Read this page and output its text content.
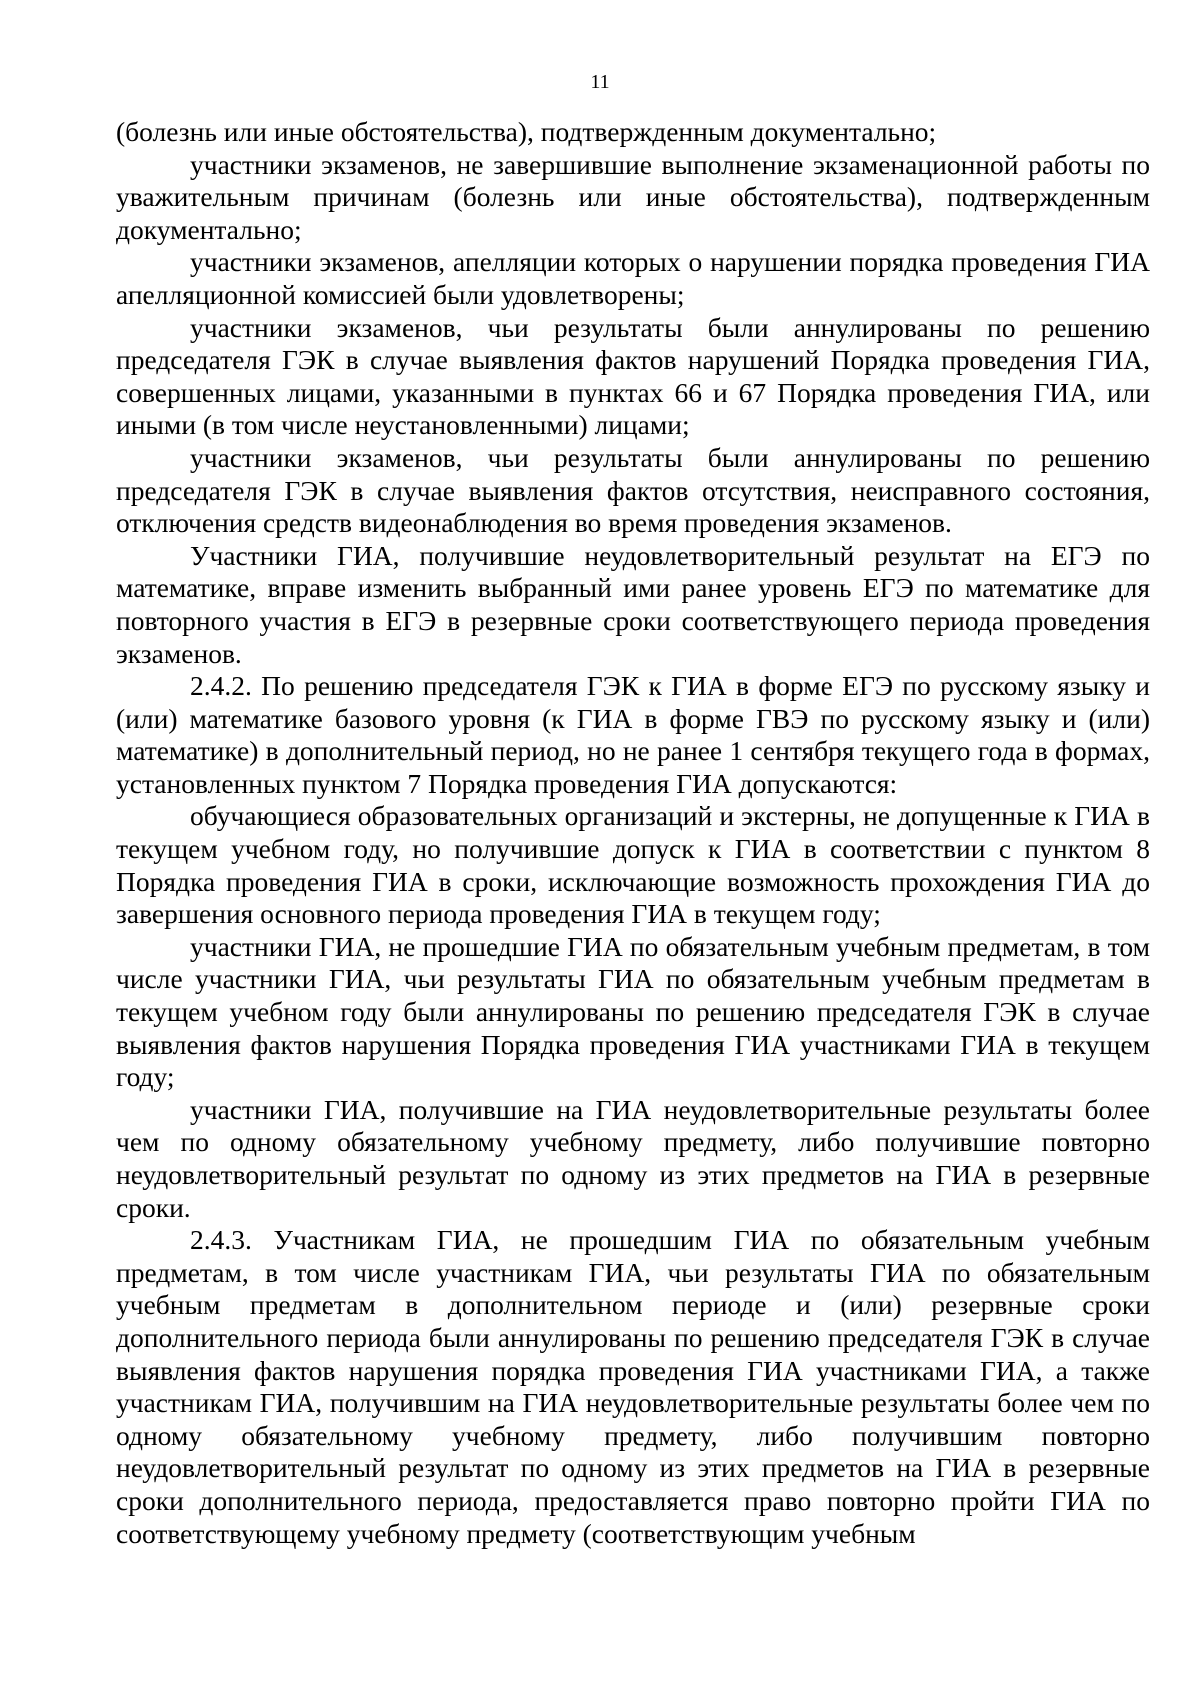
11

(болезнь или иные обстоятельства), подтвержденным документально;

участники экзаменов, не завершившие выполнение экзаменационной работы по уважительным причинам (болезнь или иные обстоятельства), подтвержденным документально;

участники экзаменов, апелляции которых о нарушении порядка проведения ГИА апелляционной комиссией были удовлетворены;

участники экзаменов, чьи результаты были аннулированы по решению председателя ГЭК в случае выявления фактов нарушений Порядка проведения ГИА, совершенных лицами, указанными в пунктах 66 и 67 Порядка проведения ГИА, или иными (в том числе неустановленными) лицами;

участники экзаменов, чьи результаты были аннулированы по решению председателя ГЭК в случае выявления фактов отсутствия, неисправного состояния, отключения средств видеонаблюдения во время проведения экзаменов.

Участники ГИА, получившие неудовлетворительный результат на ЕГЭ по математике, вправе изменить выбранный ими ранее уровень ЕГЭ по математике для повторного участия в ЕГЭ в резервные сроки соответствующего периода проведения экзаменов.

2.4.2. По решению председателя ГЭК к ГИА в форме ЕГЭ по русскому языку и (или) математике базового уровня (к ГИА в форме ГВЭ по русскому языку и (или) математике) в дополнительный период, но не ранее 1 сентября текущего года в формах, установленных пунктом 7 Порядка проведения ГИА допускаются:

обучающиеся образовательных организаций и экстерны, не допущенные к ГИА в текущем учебном году, но получившие допуск к ГИА в соответствии с пунктом 8 Порядка проведения ГИА в сроки, исключающие возможность прохождения ГИА до завершения основного периода проведения ГИА в текущем году;

участники ГИА, не прошедшие ГИА по обязательным учебным предметам, в том числе участники ГИА, чьи результаты ГИА по обязательным учебным предметам в текущем учебном году были аннулированы по решению председателя ГЭК в случае выявления фактов нарушения Порядка проведения ГИА участниками ГИА в текущем году;

участники ГИА, получившие на ГИА неудовлетворительные результаты более чем по одному обязательному учебному предмету, либо получившие повторно неудовлетворительный результат по одному из этих предметов на ГИА в резервные сроки.

2.4.3. Участникам ГИА, не прошедшим ГИА по обязательным учебным предметам, в том числе участникам ГИА, чьи результаты ГИА по обязательным учебным предметам в дополнительном периоде и (или) резервные сроки дополнительного периода были аннулированы по решению председателя ГЭК в случае выявления фактов нарушения порядка проведения ГИА участниками ГИА, а также участникам ГИА, получившим на ГИА неудовлетворительные результаты более чем по одному обязательному учебному предмету, либо получившим повторно неудовлетворительный результат по одному из этих предметов на ГИА в резервные сроки дополнительного периода, предоставляется право повторно пройти ГИА по соответствующему учебному предмету (соответствующим учебным
